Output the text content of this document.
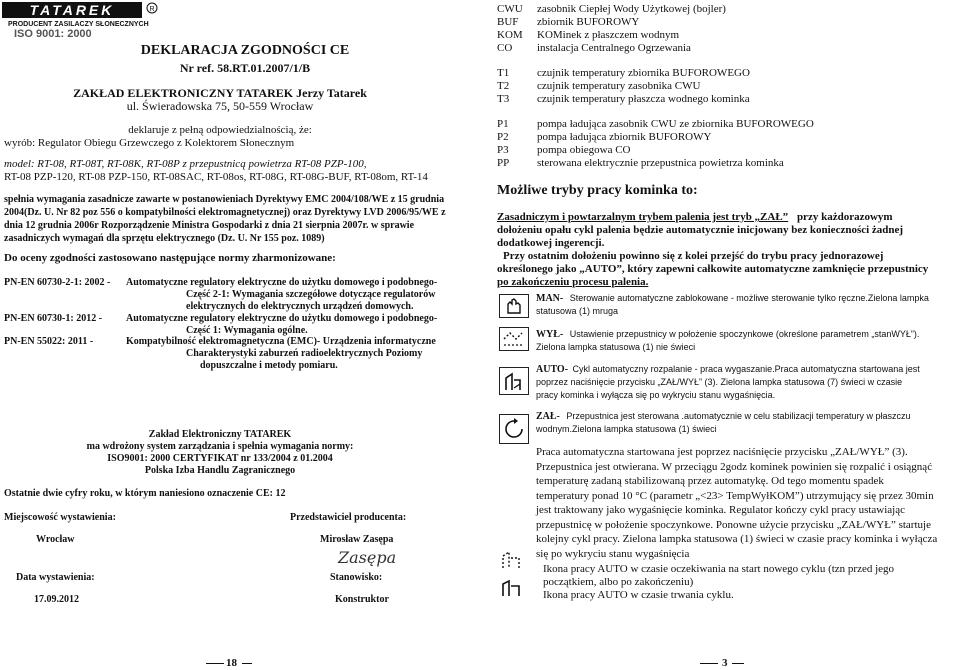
TATAREK	R
PRODUCENT ZASILACZY SŁONECZNYCH
ISO 9001: 2000
DEKLARACJA ZGODNOŚCI CE
Nr ref. 58.RT.01.2007/1/B
ZAKŁAD ELEKTRONICZNY TATAREK Jerzy Tatarek
ul. Świeradowska 75, 50-559 Wrocław
deklaruje z pełną odpowiedzialnością, że:
wyrób: Regulator Obiegu Grzewczego z Kolektorem Słonecznym
model: RT-08, RT-08T, RT-08K, RT-08P z przepustnicą powietrza RT-08 PZP-100,
RT-08 PZP-120, RT-08 PZP-150, RT-08SAC, RT-08os, RT-08G, RT-08G-BUF, RT-08om, RT-14
spełnia wymagania zasadnicze zawarte w postanowieniach Dyrektywy EMC 2004/108/WE z 15 grudnia
2004(Dz. U. Nr 82 poz 556 o kompatybilności elektromagnetycznej) oraz Dyrektywy LVD 2006/95/WE z
dnia 12 grudnia 2006r Rozporządzenie Ministra Gospodarki z dnia 21 sierpnia 2007r. w sprawie
zasadniczych wymagań dla sprzętu elektrycznego (Dz. U. Nr 155 poz. 1089)
Do oceny zgodności zastosowano następujące normy zharmonizowane:
PN-EN 60730-2-1: 2002 -	Automatyczne regulatory elektryczne do użytku domowego i podobnego-
Część 2-1: Wymagania szczegółowe dotyczące regulatorów
elektrycznych do elektrycznych urządzeń domowych.
PN-EN 60730-1: 2012 -	Automatyczne regulatory elektryczne do użytku domowego i podobnego-
Część 1: Wymagania ogólne.
PN-EN 55022: 2011 -	Kompatybilność elektromagnetyczna (EMC)- Urządzenia informatyczne
Charakterystyki zaburzeń radioelektrycznych Poziomy
dopuszczalne i metody pomiaru.
Zakład Elektroniczny TATAREK
ma wdrożony system zarządzania i spełnia wymagania normy:
ISO9001: 2000 CERTYFIKAT nr 133/2004 z 01.2004
Polska Izba Handlu Zagranicznego
Ostatnie dwie cyfry roku, w którym naniesiono oznaczenie CE: 12
Miejscowość wystawienia:	Przedstawiciel producenta:
Wrocław	Mirosław Zasępa
Zasępa
Data wystawienia:	Stanowisko:
17.09.2012	Konstruktor
18
CWU zasobnik Ciepłej Wody Użytkowej (bojler)
BUF zbiornik BUFOROWY
KOM KOMinek z płaszczem wodnym
CO instalacja Centralnego Ogrzewania
T1	czujnik temperatury zbiornika BUFOROWEGO
T2	czujnik temperatury zasobnika CWU
T3	czujnik temperatury płaszcza wodnego kominka
P1	pompa ładująca zasobnik CWU ze zbiornika BUFOROWEGO
P2	pompa ładująca zbiornik BUFOROWY
P3	pompa obiegowa CO
PP	sterowana elektrycznie przepustnica powietrza kominka
Możliwe tryby pracy kominka to:
Zasadniczym i powtarzalnym trybem palenia jest tryb „ZAŁ” przy każdorazowym
dołożeniu opału cykl palenia będzie automatycznie inicjowany bez konieczności żadnej
dodatkowej ingerencji.
Przy ostatnim dołożeniu powinno się z kolei przejść do trybu pracy jednorazowej
określonego jako „AUTO”, który zapewni całkowite automatyczne zamknięcie przepustnicy
po zakończeniu procesu palenia.
MAN- Sterowanie automatyczne zablokowane - możliwe sterowanie tylko ręczne.Zielona lampka
statusowa (1) mruga
WYŁ- Ustawienie przepustnicy w położenie spoczynkowe (określone parametrem „stanWYŁ”).
Zielona lampka statusowa (1) nie świeci
AUTO- Cykl automatyczny rozpalanie - praca wygaszanie.Praca automatyczna startowana jest
poprzez naciśnięcie przycisku „ZAŁ/WYŁ” (3). Zielona lampka statusowa (7) świeci w czasie
pracy kominka i wyłącza się po wykryciu stanu wygaśnięcia.
ZAŁ- Przepustnica jest sterowana .automatycznie w celu stabilizacji temperatury w płaszczu
wodnym.Zielona lampka statusowa (1) świeci
Praca automatyczna startowana jest poprzez naciśnięcie przycisku „ZAŁ/WYŁ” (3).
Przepustnica jest otwierana. W przeciągu 2godz kominek powinien się rozpalić i osiągnąć
temperaturę zadaną stabilizowaną przez automatykę. Od tego momentu spadek
temperatury ponad 10 °C (parametr „<23> TempWyłKOM”) utrzymujący się przez 30min
jest traktowany jako wygaśnięcie kominka. Regulator kończy cykl pracy ustawiając
przepustnicę w położenie spoczynkowe. Ponowne użycie przycisku „ZAŁ/WYŁ” startuje
kolejny cykl pracy. Zielona lampka statusowa (1) świeci w czasie pracy kominka i wyłącza
się po wykryciu stanu wygaśnięcia
Ikona pracy AUTO w czasie oczekiwania na start nowego cyklu (tzn przed jego
początkiem, albo po zakończeniu)
Ikona pracy AUTO w czasie trwania cyklu.
3
